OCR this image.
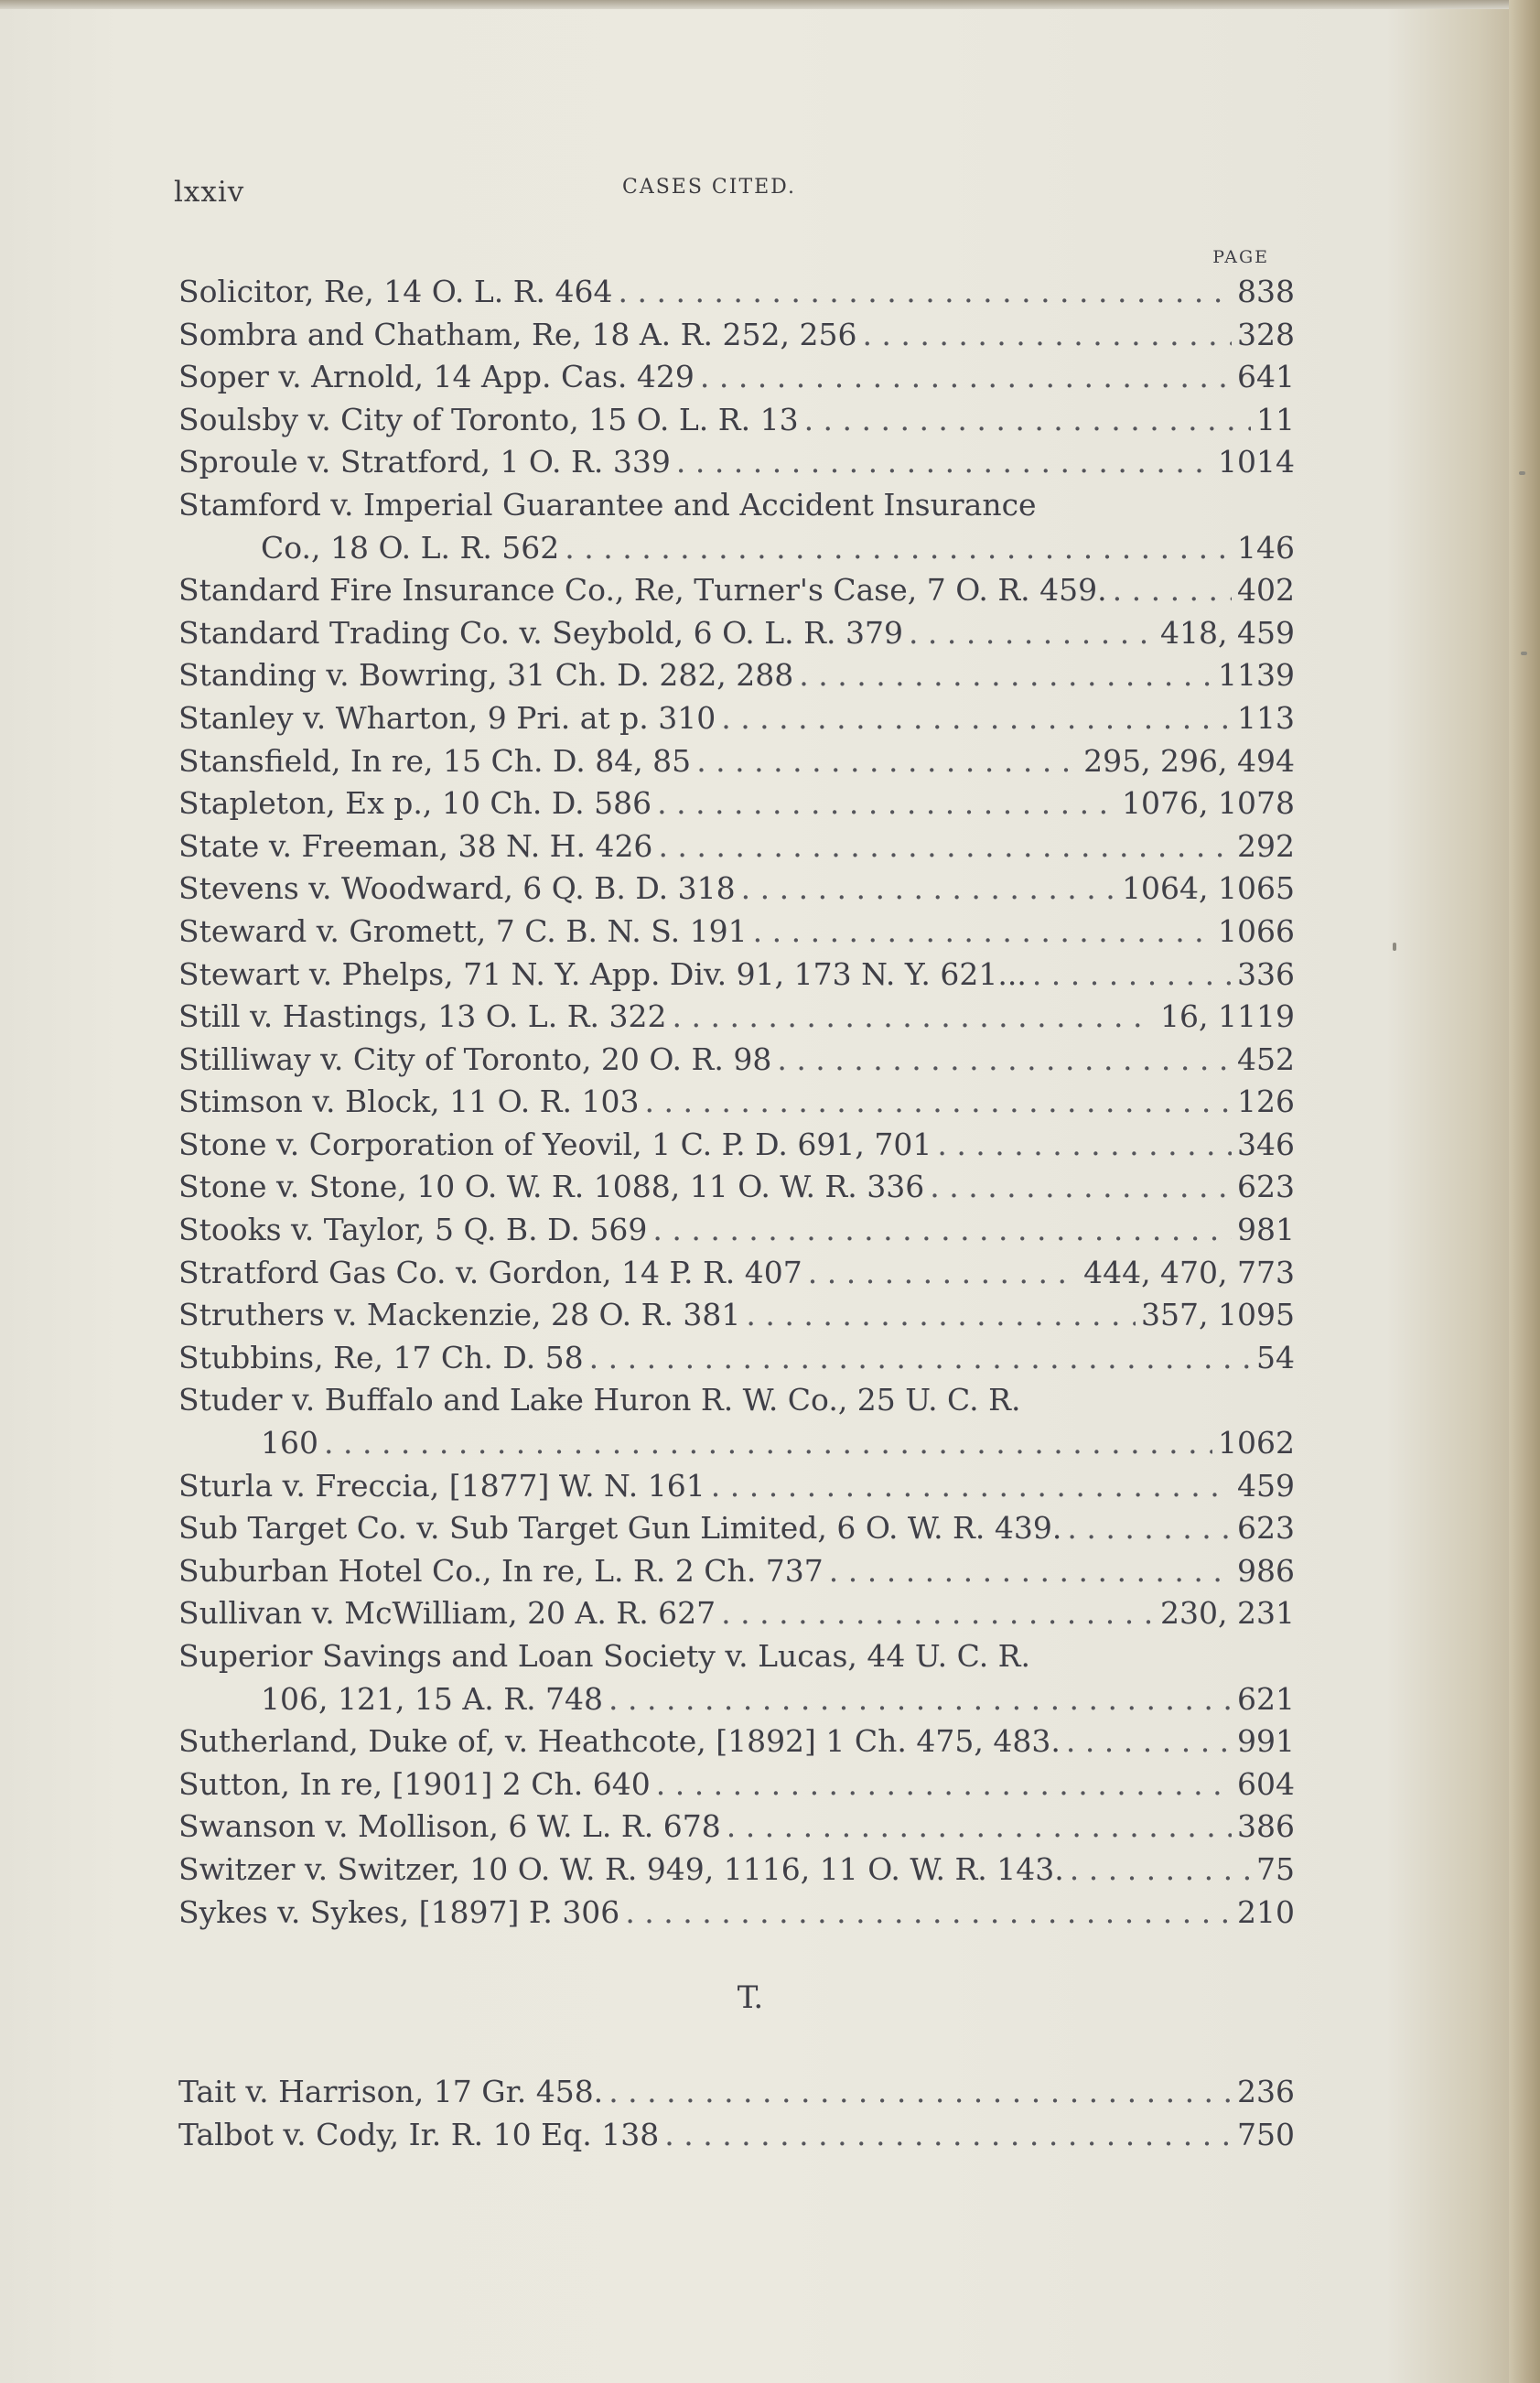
lxxiv	CASES CITED.
PAGE
Solicitor, Re, 14 O. L. R. 464 . . .	838
Sombra and Chatham, Re, 18 A. R. 252, 256 . . .	328
Soper v. Arnold, 14 App. Cas. 429 . . .	641
Soulsby v. City of Toronto, 15 O. L. R. 13 . . .	11
Sproule v. Stratford, 1 O. R. 339 . . .	1014
Stamford v. Imperial Guarantee and Accident Insurance
Co., 18 O. L. R. 562 . . .	146
Standard Fire Insurance Co., Re, Turner's Case, 7 O. R. 459. . . .	402
Standard Trading Co. v. Seybold, 6 O. L. R. 379 . . .	418, 459
Standing v. Bowring, 31 Ch. D. 282, 288 . . .	1139
Stanley v. Wharton, 9 Pri. at p. 310 . . .	113
Stansfield, In re, 15 Ch. D. 84, 85 . . .	295, 296, 494
Stapleton, Ex p., 10 Ch. D. 586 . . .	1076, 1078
State v. Freeman, 38 N. H. 426 . . .	292
Stevens v. Woodward, 6 Q. B. D. 318 . . .	1064, 1065
Steward v. Gromett, 7 C. B. N. S. 191 . . .	1066
Stewart v. Phelps, 71 N. Y. App. Div. 91, 173 N. Y. 621... . . .	336
Still v. Hastings, 13 O. L. R. 322 . . .	16, 1119
Stilliway v. City of Toronto, 20 O. R. 98 . . .	452
Stimson v. Block, 11 O. R. 103 . . .	126
Stone v. Corporation of Yeovil, 1 C. P. D. 691, 701 . . .	346
Stone v. Stone, 10 O. W. R. 1088, 11 O. W. R. 336 . . .	623
Stooks v. Taylor, 5 Q. B. D. 569 . . .	981
Stratford Gas Co. v. Gordon, 14 P. R. 407 . . .	444, 470, 773
Struthers v. Mackenzie, 28 O. R. 381 . . .	357, 1095
Stubbins, Re, 17 Ch. D. 58 . . .	54
Studer v. Buffalo and Lake Huron R. W. Co., 25 U. C. R.
160 . . .	1062
Sturla v. Freccia, [1877] W. N. 161 . . .	459
Sub Target Co. v. Sub Target Gun Limited, 6 O. W. R. 439. . . .	623
Suburban Hotel Co., In re, L. R. 2 Ch. 737 . . .	986
Sullivan v. McWilliam, 20 A. R. 627 . . .	230, 231
Superior Savings and Loan Society v. Lucas, 44 U. C. R.
106, 121, 15 A. R. 748 . . .	621
Sutherland, Duke of, v. Heathcote, [1892] 1 Ch. 475, 483. . . .	991
Sutton, In re, [1901] 2 Ch. 640 . . .	604
Swanson v. Mollison, 6 W. L. R. 678 . . .	386
Switzer v. Switzer, 10 O. W. R. 949, 1116, 11 O. W. R. 143. . . .	75
Sykes v. Sykes, [1897] P. 306 . . .	210
T.
Tait v. Harrison, 17 Gr. 458. . . .	236
Talbot v. Cody, Ir. R. 10 Eq. 138 . . .	750
